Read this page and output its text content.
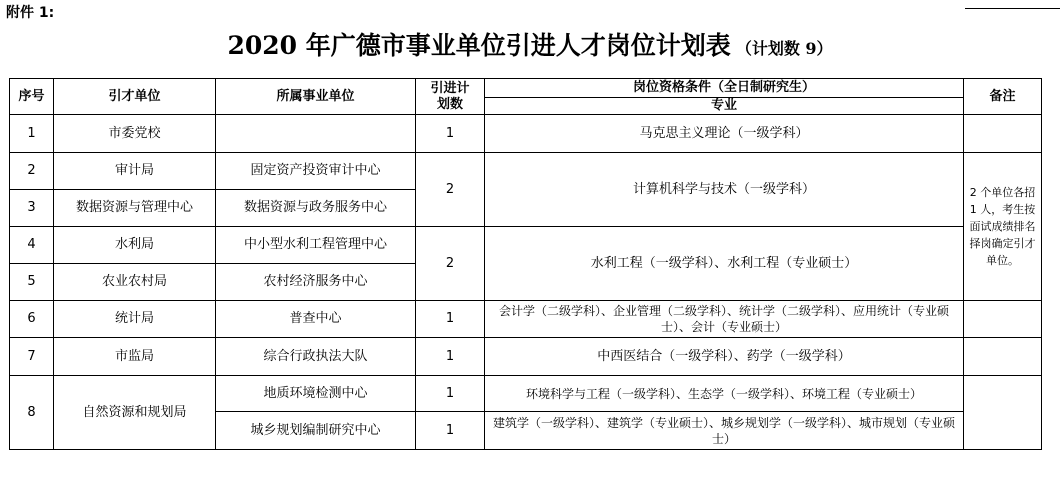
附件 1:
2020 年广德市事业单位引进人才岗位计划表 （计划数 9）
序号	引才单位	所属事业单位	引进计划数	岗位资格条件（全日制研究生）	备注
				专业	
1	市委党校		1	马克思主义理论（一级学科）	
2	审计局	固定资产投资审计中心	2	计算机科学与技术（一级学科）	2 个单位各招 1 人，考生按面试成绩排名择岗确定引才单位。
3	数据资源与管理中心	数据资源与政务服务中心			
4	水利局	中小型水利工程管理中心	2	水利工程（一级学科）、水利工程（专业硕士）	
5	农业农村局	农村经济服务中心			
6	统计局	普查中心	1	会计学（二级学科）、企业管理（二级学科）、统计学（二级学科）、应用统计（专业硕士）、会计（专业硕士）	
7	市监局	综合行政执法大队	1	中西医结合（一级学科）、药学（一级学科）	
8	自然资源和规划局	地质环境检测中心	1	环境科学与工程（一级学科）、生态学（一级学科）、环境工程（专业硕士）	
		城乡规划编制研究中心	1	建筑学（一级学科）、建筑学（专业硕士）、城乡规划学（一级学科）、城市规划（专业硕士）	
